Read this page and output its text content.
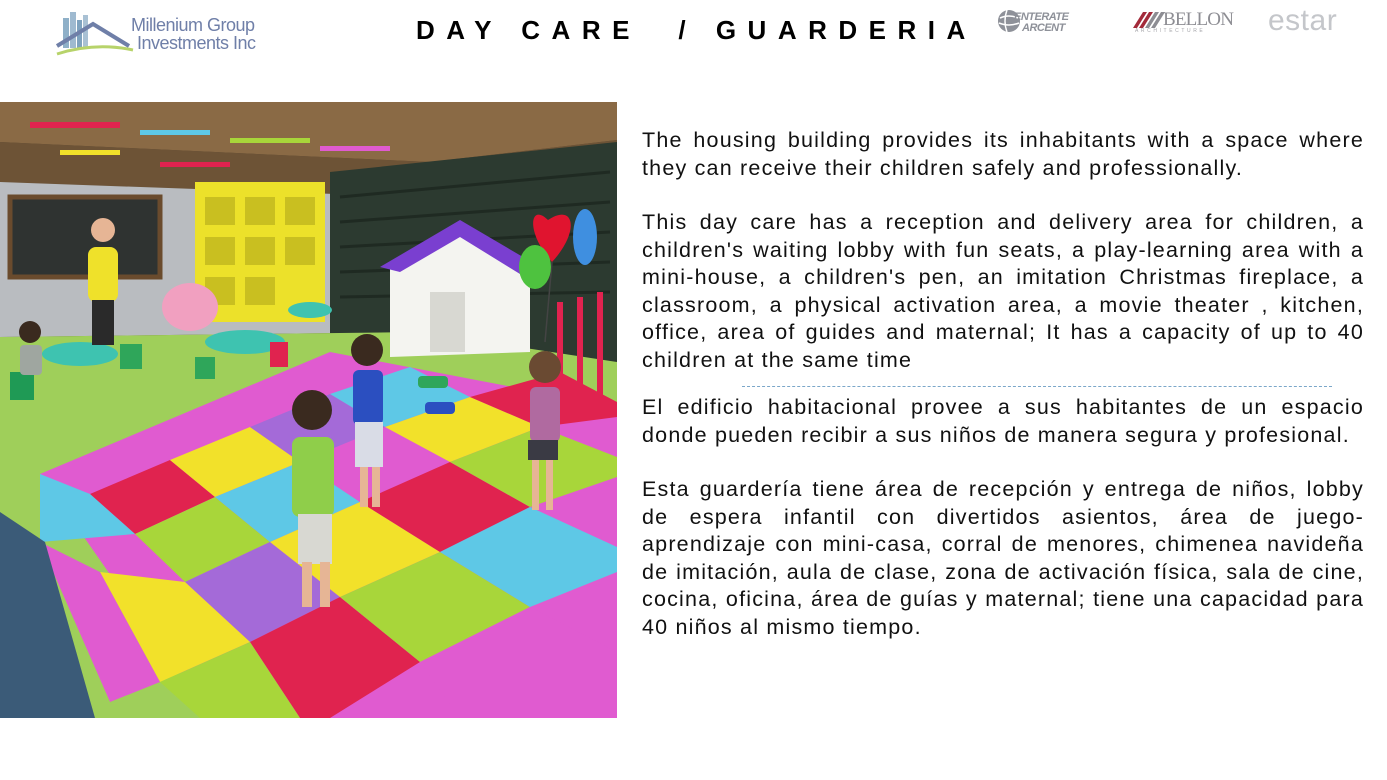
Millenium Group
Investments Inc	DAY CARE  / GUARDERIA	ENTERATE
ARCENT	BELLON
ARCHITECTURE estar

The housing building provides its inhabitants with a space where they can receive their children safely and professionally.

This day care has a reception and delivery area for children, a children's waiting lobby with fun seats, a play-learning area with a mini-house, a children's pen, an imitation Christmas fireplace, a classroom, a physical activation area, a movie theater , kitchen, office, area of guides and maternal; It has a capacity of up to 40 children at the same time

El edificio habitacional provee a sus habitantes de un espacio donde pueden recibir a sus niños de manera segura y profesional.

Esta guardería tiene área de recepción y entrega de niños, lobby de espera infantil con divertidos asientos, área de juego-aprendizaje con mini-casa, corral de menores, chimenea navideña de imitación, aula de clase, zona de activación física, sala de cine, cocina, oficina, área de guías y maternal; tiene una capacidad para 40 niños al mismo tiempo.
